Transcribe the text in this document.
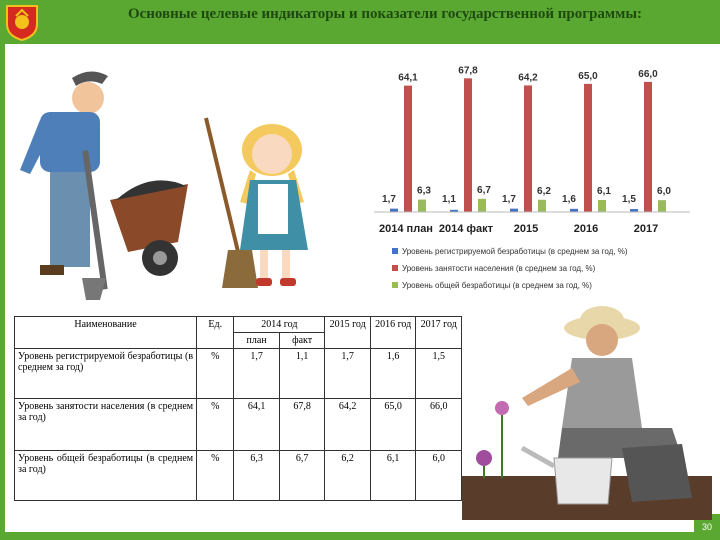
Основные целевые индикаторы и показатели государственной программы:
30
1,7
64,1
6,3
1,1
67,8
6,7
1,7
64,2
6,2
1,6
65,0
6,1
1,5
66,0
6,0
2014 план 2014 факт 2015	2016	2017
Уровень регистрируемой безработицы (в среднем за год, %)
Уровень занятости населения (в среднем за год, %)
Уровень общей безработицы (в среднем за год, %)
Наименование	Ед.	2014 год		2015 год	2016 год	2017 год
		план	факт			
Уровень регистрируемой безработицы (в среднем за год)	%	1,7	1,1	1,7	1,6	1,5
Уровень занятости населения (в среднем за год)	%	64,1	67,8	64,2	65,0	66,0
Уровень общей безработицы (в среднем за год)	%	6,3	6,7	6,2	6,1	6,0
